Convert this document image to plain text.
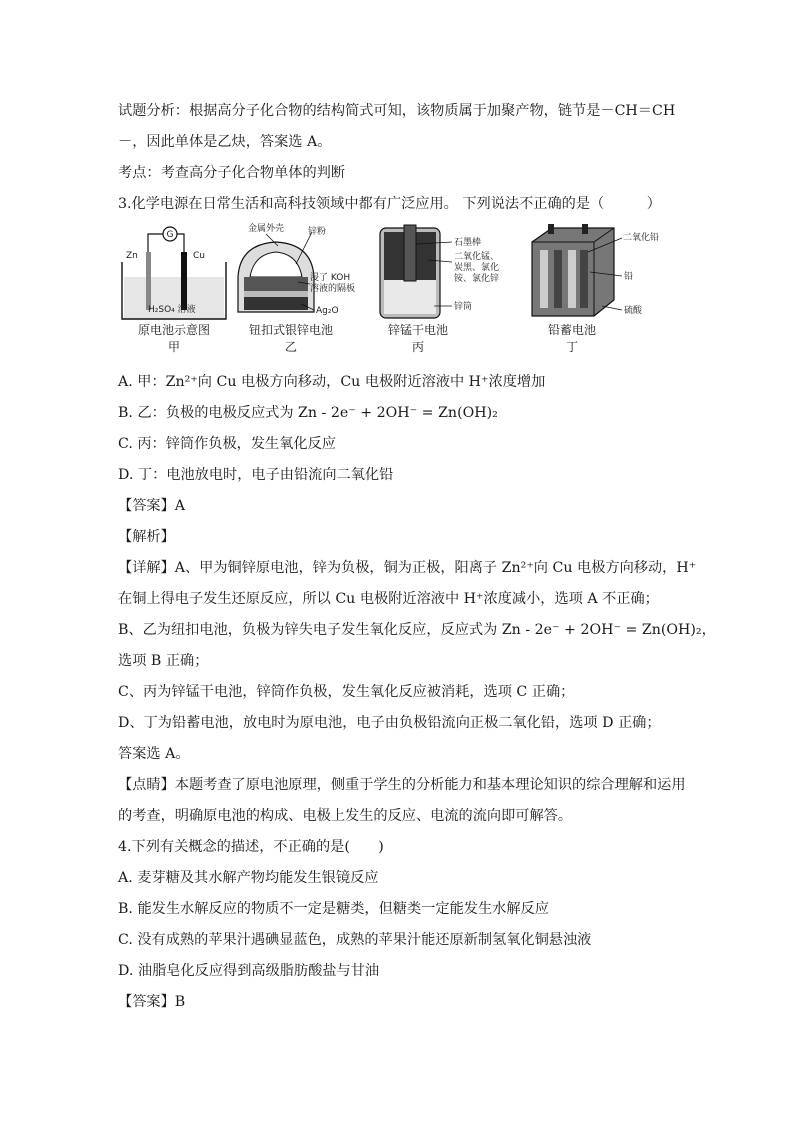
试题分析：根据高分子化合物的结构简式可知，该物质属于加聚产物，链节是－CH＝CH
－，因此单体是乙炔，答案选 A。
考点：考查高分子化合物单体的判断
3.化学电源在日常生活和高科技领域中都有广泛应用。 下列说法不正确的是（　　　）
G
Zn	Cu
H₂SO₄ 溶液
原电池示意图
甲
金属外壳	锌粉
浸了 KOH
溶液的隔板
Ag₂O
钮扣式银锌电池
乙
石墨棒
二氧化锰、
炭黑、氯化
铵、氯化锌
锌筒
锌锰干电池
丙
二氧化铅
铅
硫酸
铅蓄电池
丁
A. 甲：Zn²⁺向 Cu 电极方向移动，Cu 电极附近溶液中 H⁺浓度增加
B. 乙：负极的电极反应式为 Zn - 2e⁻ + 2OH⁻ = Zn(OH)₂
C. 丙：锌筒作负极，发生氧化反应
D. 丁：电池放电时，电子由铅流向二氧化铅
【答案】A
【解析】
【详解】A、甲为铜锌原电池，锌为负极，铜为正极，阳离子 Zn²⁺向 Cu 电极方向移动，H⁺
在铜上得电子发生还原反应，所以 Cu 电极附近溶液中 H⁺浓度减小，选项 A 不正确；
B、乙为纽扣电池，负极为锌失电子发生氧化反应，反应式为 Zn - 2e⁻ + 2OH⁻ = Zn(OH)₂，
选项 B 正确；
C、丙为锌锰干电池，锌筒作负极，发生氧化反应被消耗，选项 C 正确；
D、丁为铅蓄电池，放电时为原电池，电子由负极铅流向正极二氧化铅，选项 D 正确；
答案选 A。
【点睛】本题考查了原电池原理，侧重于学生的分析能力和基本理论知识的综合理解和运用
的考查，明确原电池的构成、电极上发生的反应、电流的流向即可解答。
4.下列有关概念的描述，不正确的是(　　)
A. 麦芽糖及其水解产物均能发生银镜反应
B. 能发生水解反应的物质不一定是糖类，但糖类一定能发生水解反应
C. 没有成熟的苹果汁遇碘显蓝色，成熟的苹果汁能还原新制氢氧化铜悬浊液
D. 油脂皂化反应得到高级脂肪酸盐与甘油
【答案】B
